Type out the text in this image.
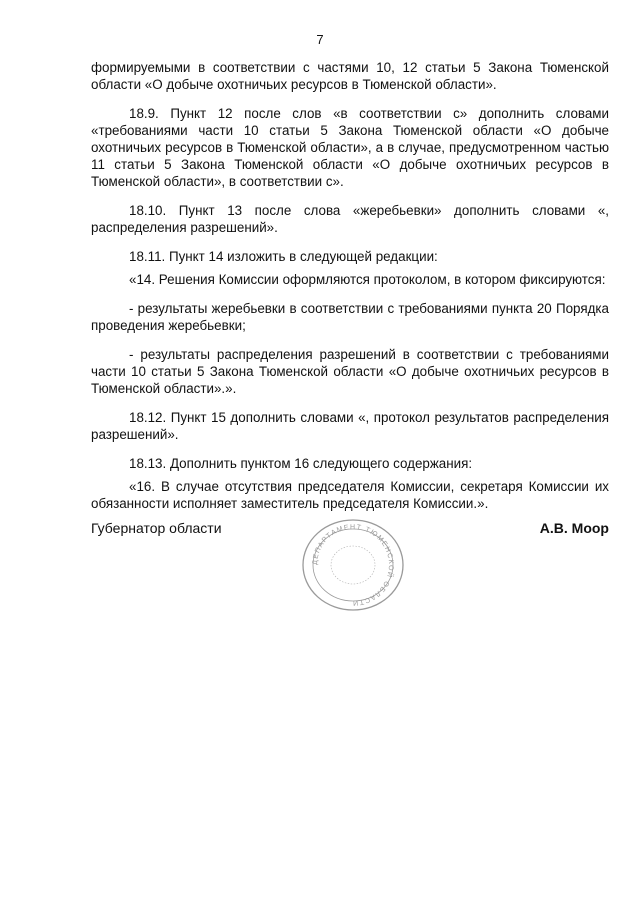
7

формируемыми в соответствии с частями 10, 12 статьи 5 Закона Тюменской области «О добыче охотничьих ресурсов в Тюменской области».

18.9. Пункт 12 после слов «в соответствии с» дополнить словами «требованиями части 10 статьи 5 Закона Тюменской области «О добыче охотничьих ресурсов в Тюменской области», а в случае, предусмотренном частью 11 статьи 5 Закона Тюменской области «О добыче охотничьих ресурсов в Тюменской области», в соответствии с».

18.10. Пункт 13 после слова «жеребьевки» дополнить словами «, распределения разрешений».

18.11. Пункт 14 изложить в следующей редакции:

«14. Решения Комиссии оформляются протоколом, в котором фиксируются:

- результаты жеребьевки в соответствии с требованиями пункта 20 Порядка проведения жеребьевки;

- результаты распределения разрешений в соответствии с требованиями части 10 статьи 5 Закона Тюменской области «О добыче охотничьих ресурсов в Тюменской области».».

18.12. Пункт 15 дополнить словами «, протокол результатов распределения разрешений».

18.13. Дополнить пунктом 16 следующего содержания:

«16. В случае отсутствия председателя Комиссии, секретаря Комиссии их обязанности исполняет заместитель председателя Комиссии.».

Губернатор области
ДЕПАРТАМЕНТ ТЮМЕНСКОЙ ОБЛАСТИ
А.В. Моор
